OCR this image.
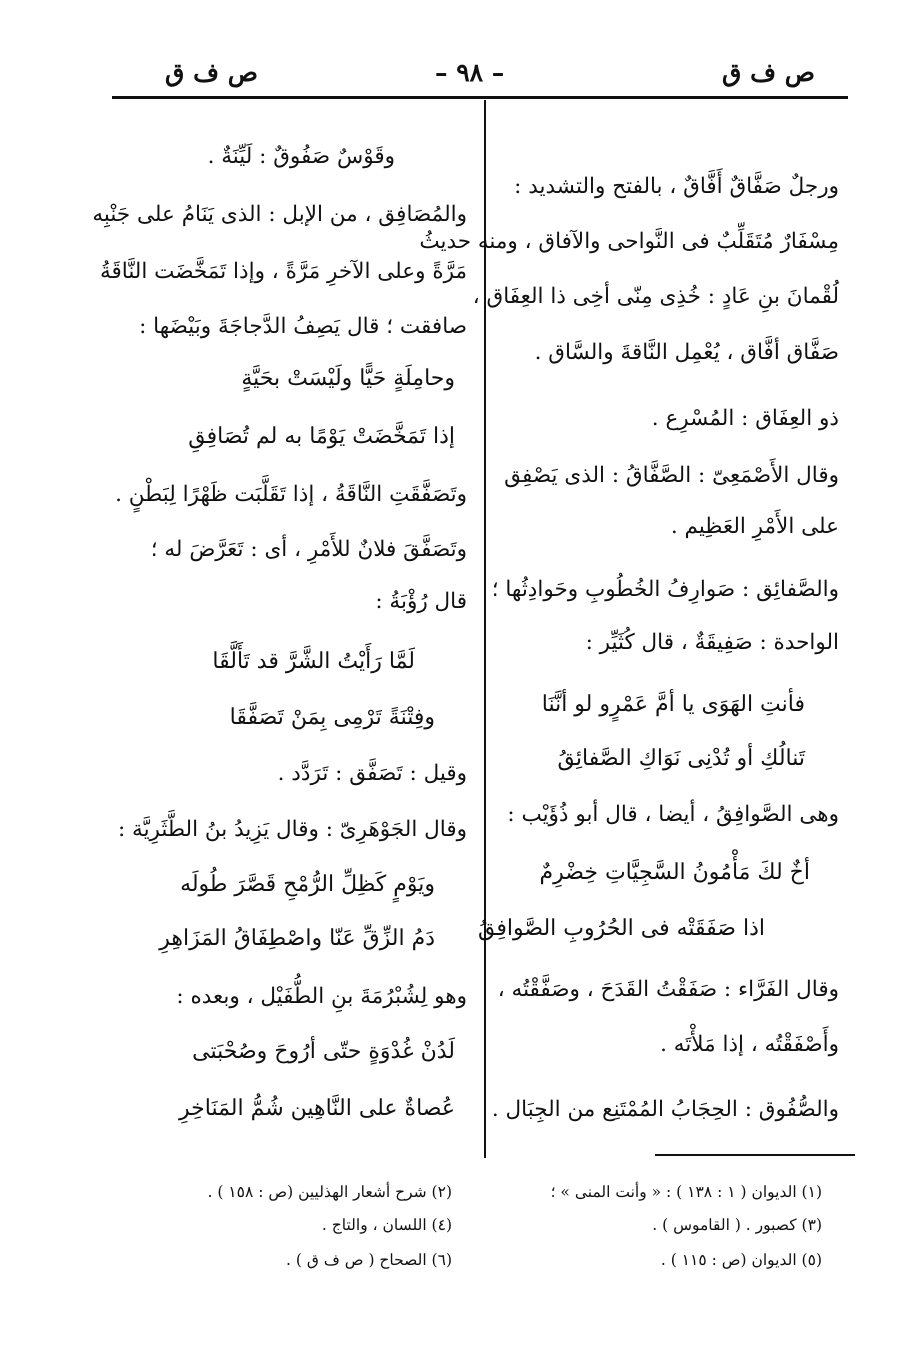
ص ف ق	– ٩٨ –	ص ف ق
ورجلٌ صَفَّاقٌ أَفَّاقٌ ، بالفتح والتشديد :
مِسْفَارٌ مُتَقَلِّبٌ فى النَّواحى والآفاق ، ومنه حديثُ
لُقْمانَ بنِ عَادٍ : خُذِى مِنّى أخِى ذا العِفَاق ،
صَفَّاق أفَّاق ، يُعْمِل النَّاقةَ والسَّاق .
ذو العِفَاق : المُسْرِع .
وقال الأَصْمَعِىّ : الصَّفَّاقُ : الذى يَصْفِق
على الأَمْرِ العَظِيم .
والصَّفائِق : صَوارِفُ الخُطُوبِ وحَوادِثُها ؛
الواحدة : صَفِيقَةٌ ، قال كُثَيِّر :
فأنتِ الهَوَى يا أمَّ عَمْرٍو لو أنَّنَا
تَنالُكِ أو تُدْنِى نَوَاكِ الصَّفائِقُ
وهى الصَّوافِقُ ، أيضا ، قال أبو ذُؤَيْب :
أخٌ لكَ مَأْمُونُ السَّجِيَّاتِ خِضْرِمٌ
اذا صَفَقَتْه فى الحُرُوبِ الصَّوافِقُ
وقال الفَرَّاء : صَفَقْتُ القَدَحَ ، وصَفَّقْتُه ،
وأَصْفَقْتُه ، إذا مَلأْتَه .
والصُّفُوق : الحِجَابُ المُمْتَنِع من الجِبَال .
وقَوْسٌ صَفُوقٌ : لَيِّنَةٌ .
والمُصَافِق ، من الإبل : الذى يَنَامُ على جَنْبِه
مَرَّةً وعلى الآخرِ مَرَّةً ، وإذا تَمَخَّضَت النَّاقَةُ
صافقت ؛ قال يَصِفُ الدَّجاجَةَ وبَيْضَها :
وحامِلَةٍ حَيًّا ولَيْسَتْ بحَيَّةٍ
إذا تَمَخَّضَتْ يَوْمًا به لم تُصَافِقِ
وتَصَفَّقَتِ النَّاقَةُ ، إذا تَقَلَّبَت ظَهْرًا لِبَطْنٍ .
وتَصَفَّقَ فلانٌ للأَمْرِ ، أى : تَعَرَّضَ له ؛
قال رُؤْبَةُ :
لَمَّا رَأَيْتُ الشَّرَّ قد تَأَلَّقَا
وفِتْنَةً تَرْمِى بِمَنْ تَصَفَّقَا
وقيل : تَصَفَّق : تَرَدَّد .
وقال الجَوْهَرِىّ : وقال يَزِيدُ بنُ الطَّثَرِيَّة :
ويَوْمٍ كَظِلِّ الرُّمْحِ قَصَّرَ طُولَه
دَمُ الزِّقِّ عَنّا واصْطِفَاقُ المَزَاهِرِ
وهو لِشُبْرُمَةَ بنِ الطُّفَيْل ، وبعده :
لَدُنْ غُدْوَةٍ حتّى أرُوحَ وصُحْبَتى
عُصاةٌ على النَّاهِين شُمُّ المَنَاخِرِ
(١) الديوان ( ١ : ١٣٨ ) : « وأنت المنى » ؛
(٣) كصبور . ( القاموس ) .
(٥) الديوان (ص : ١١٥ ) .
(٢) شرح أشعار الهذليين (ص : ١٥٨ ) .
(٤) اللسان ، والتاج .
(٦) الصحاح ( ص ف ق ) .
